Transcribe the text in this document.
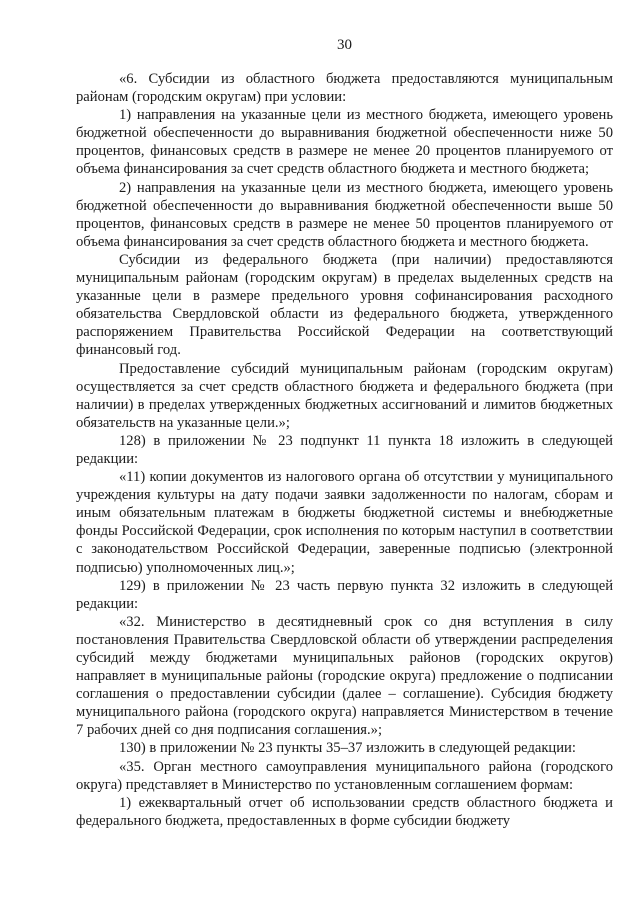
30

«6. Субсидии из областного бюджета предоставляются муниципальным районам (городским округам) при условии:

1) направления на указанные цели из местного бюджета, имеющего уровень бюджетной обеспеченности до выравнивания бюджетной обеспеченности ниже 50 процентов, финансовых средств в размере не менее 20 процентов планируемого от объема финансирования за счет средств областного бюджета и местного бюджета;

2) направления на указанные цели из местного бюджета, имеющего уровень бюджетной обеспеченности до выравнивания бюджетной обеспеченности выше 50 процентов, финансовых средств в размере не менее 50 процентов планируемого от объема финансирования за счет средств областного бюджета и местного бюджета.

Субсидии из федерального бюджета (при наличии) предоставляются муниципальным районам (городским округам) в пределах выделенных средств на указанные цели в размере предельного уровня софинансирования расходного обязательства Свердловской области из федерального бюджета, утвержденного распоряжением Правительства Российской Федерации на соответствующий финансовый год.

Предоставление субсидий муниципальным районам (городским округам) осуществляется за счет средств областного бюджета и федерального бюджета (при наличии) в пределах утвержденных бюджетных ассигнований и лимитов бюджетных обязательств на указанные цели.»;

128) в приложении № 23 подпункт 11 пункта 18 изложить в следующей редакции:

«11) копии документов из налогового органа об отсутствии у муниципального учреждения культуры на дату подачи заявки задолженности по налогам, сборам и иным обязательным платежам в бюджеты бюджетной системы и внебюджетные фонды Российской Федерации, срок исполнения по которым наступил в соответствии с законодательством Российской Федерации, заверенные подписью (электронной подписью) уполномоченных лиц.»;

129) в приложении № 23 часть первую пункта 32 изложить в следующей редакции:

«32. Министерство в десятидневный срок со дня вступления в силу постановления Правительства Свердловской области об утверждении распределения субсидий между бюджетами муниципальных районов (городских округов) направляет в муниципальные районы (городские округа) предложение о подписании соглашения о предоставлении субсидии (далее – соглашение). Субсидия бюджету муниципального района (городского округа) направляется Министерством в течение 7 рабочих дней со дня подписания соглашения.»;

130) в приложении № 23 пункты 35–37 изложить в следующей редакции:

«35. Орган местного самоуправления муниципального района (городского округа) представляет в Министерство по установленным соглашением формам:

1) ежеквартальный отчет об использовании средств областного бюджета и федерального бюджета, предоставленных в форме субсидии бюджету
